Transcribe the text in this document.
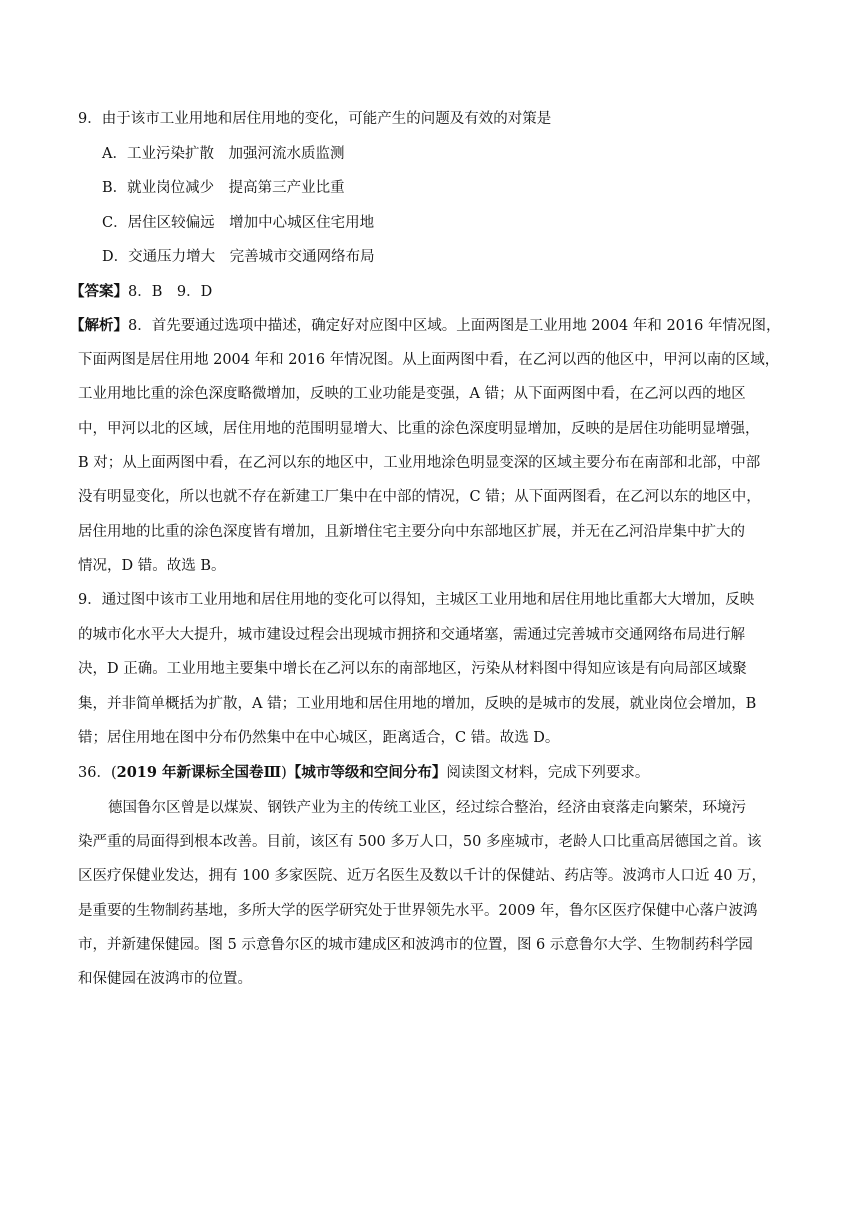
9．由于该市工业用地和居住用地的变化，可能产生的问题及有效的对策是
A．工业污染扩散　加强河流水质监测
B．就业岗位减少　提高第三产业比重
C．居住区较偏远　增加中心城区住宅用地
D．交通压力增大　完善城市交通网络布局
【答案】8．B　9．D
【解析】8．首先要通过选项中描述，确定好对应图中区域。上面两图是工业用地 2004 年和 2016 年情况图，
下面两图是居住用地 2004 年和 2016 年情况图。从上面两图中看，在乙河以西的他区中，甲河以南的区域，
工业用地比重的涂色深度略微增加，反映的工业功能是变强，A 错；从下面两图中看，在乙河以西的地区
中，甲河以北的区域，居住用地的范围明显增大、比重的涂色深度明显增加，反映的是居住功能明显增强，
B 对；从上面两图中看，在乙河以东的地区中，工业用地涂色明显变深的区域主要分布在南部和北部，中部
没有明显变化，所以也就不存在新建工厂集中在中部的情况，C 错；从下面两图看，在乙河以东的地区中，
居住用地的比重的涂色深度皆有增加，且新增住宅主要分向中东部地区扩展，并无在乙河沿岸集中扩大的
情况，D 错。故选 B。
9．通过图中该市工业用地和居住用地的变化可以得知，主城区工业用地和居住用地比重都大大增加，反映
的城市化水平大大提升，城市建设过程会出现城市拥挤和交通堵塞，需通过完善城市交通网络布局进行解
决，D 正确。工业用地主要集中增长在乙河以东的南部地区，污染从材料图中得知应该是有向局部区域聚
集，并非简单概括为扩散，A 错；工业用地和居住用地的增加，反映的是城市的发展，就业岗位会增加，B
错；居住用地在图中分布仍然集中在中心城区，距离适合，C 错。故选 D。
36．(2019 年新课标全国卷Ⅲ)【城市等级和空间分布】阅读图文材料，完成下列要求。
德国鲁尔区曾是以煤炭、钢铁产业为主的传统工业区，经过综合整治，经济由衰落走向繁荣，环境污
染严重的局面得到根本改善。目前，该区有 500 多万人口，50 多座城市，老龄人口比重高居德国之首。该
区医疗保健业发达，拥有 100 多家医院、近万名医生及数以千计的保健站、药店等。波鸿市人口近 40 万，
是重要的生物制药基地，多所大学的医学研究处于世界领先水平。2009 年，鲁尔区医疗保健中心落户波鸿
市，并新建保健园。图 5 示意鲁尔区的城市建成区和波鸿市的位置，图 6 示意鲁尔大学、生物制药科学园
和保健园在波鸿市的位置。
